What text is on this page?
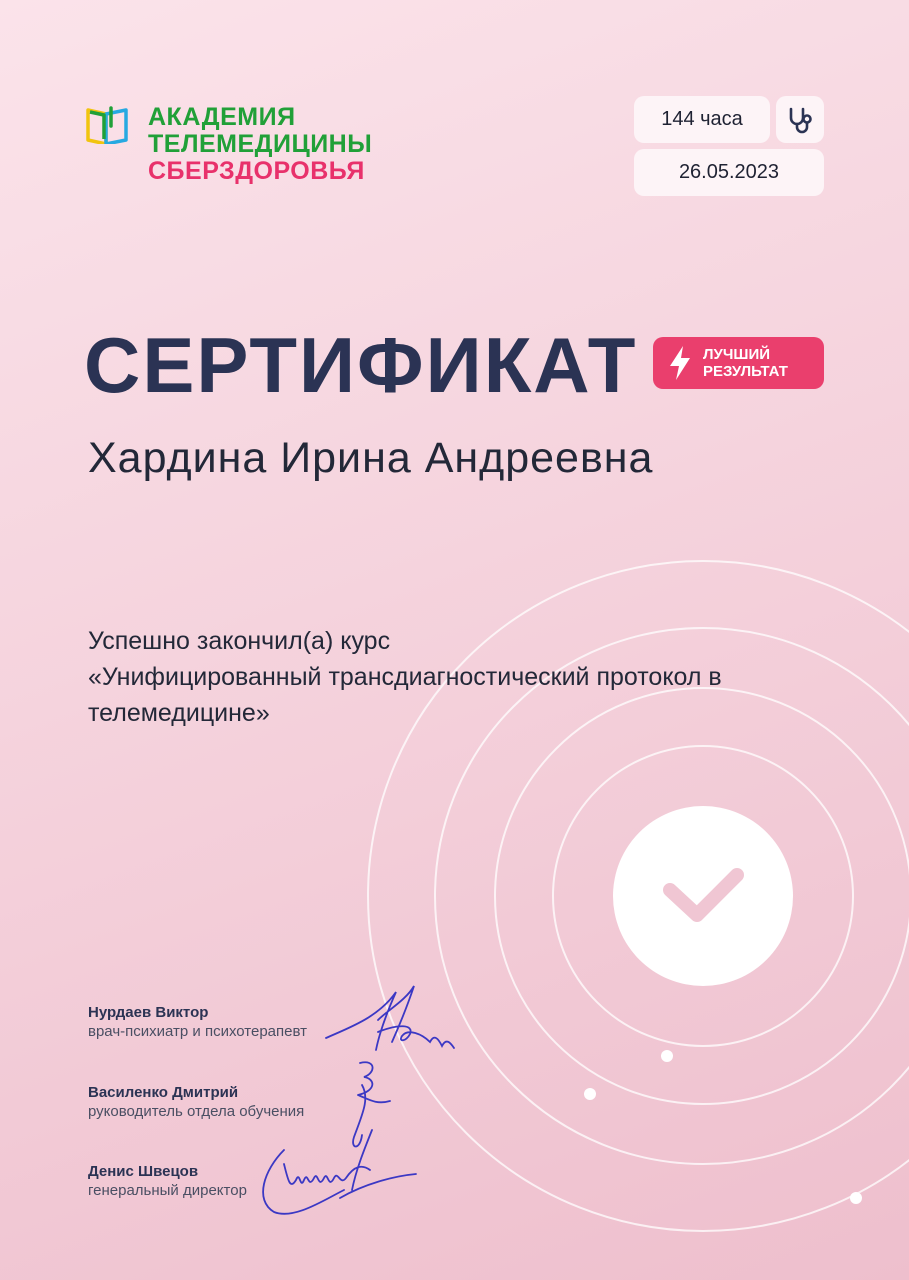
АКАДЕМИЯ
ТЕЛЕМЕДИЦИНЫ
СБЕРЗДОРОВЬЯ
144 часа
26.05.2023
СЕРТИФИКАТ	ЛУЧШИЙ
РЕЗУЛЬТАТ
Хардина Ирина Андреевна
Успешно закончил(а) курс
«Унифицированный трансдиагностический протокол в
телемедицине»
Нурдаев Виктор
врач-психиатр и психотерапевт
Василенко Дмитрий
руководитель отдела обучения
Денис Швецов
генеральный директор
